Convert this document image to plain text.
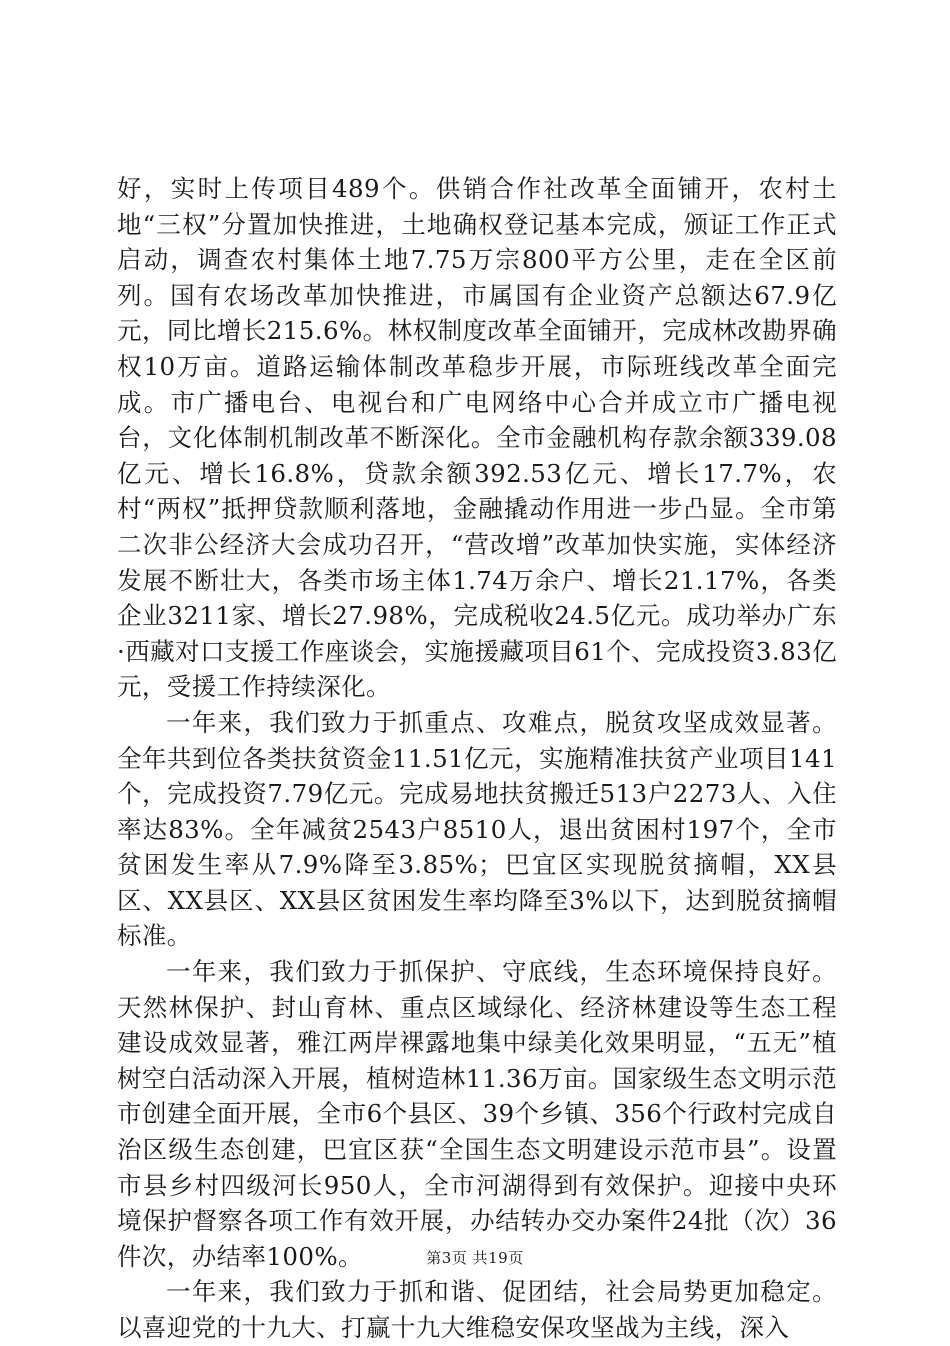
好，实时上传项目489个。供销合作社改革全面铺开，农村土地“三权”分置加快推进，土地确权登记基本完成，颁证工作正式启动，调查农村集体土地7.75万宗800平方公里，走在全区前列。国有农场改革加快推进，市属国有企业资产总额达67.9亿元，同比增长215.6%。林权制度改革全面铺开，完成林改勘界确权10万亩。道路运输体制改革稳步开展，市际班线改革全面完成。市广播电台、电视台和广电网络中心合并成立市广播电视台，文化体制机制改革不断深化。全市金融机构存款余额339.08亿元、增长16.8%，贷款余额392.53亿元、增长17.7%，农村“两权”抵押贷款顺利落地，金融撬动作用进一步凸显。全市第二次非公经济大会成功召开，“营改增”改革加快实施，实体经济发展不断壮大，各类市场主体1.74万余户、增长21.17%，各类企业3211家、增长27.98%，完成税收24.5亿元。成功举办广东·西藏对口支援工作座谈会，实施援藏项目61个、完成投资3.83亿元，受援工作持续深化。

一年来，我们致力于抓重点、攻难点，脱贫攻坚成效显著。全年共到位各类扶贫资金11.51亿元，实施精准扶贫产业项目141个，完成投资7.79亿元。完成易地扶贫搬迁513户2273人、入住率达83%。全年减贫2543户8510人，退出贫困村197个，全市贫困发生率从7.9%降至3.85%；巴宜区实现脱贫摘帽，XX县区、XX县区、XX县区贫困发生率均降至3%以下，达到脱贫摘帽标准。

一年来，我们致力于抓保护、守底线，生态环境保持良好。天然林保护、封山育林、重点区域绿化、经济林建设等生态工程建设成效显著，雅江两岸裸露地集中绿美化效果明显，“五无”植树空白活动深入开展，植树造林11.36万亩。国家级生态文明示范市创建全面开展，全市6个县区、39个乡镇、356个行政村完成自治区级生态创建，巴宜区获“全国生态文明建设示范市县”。设置市县乡村四级河长950人，全市河湖得到有效保护。迎接中央环境保护督察各项工作有效开展，办结转办交办案件24批（次）36件次，办结率100%。

一年来，我们致力于抓和谐、促团结，社会局势更加稳定。以喜迎党的十九大、打赢十九大维稳安保攻坚战为主线，深入

第3页 共19页
